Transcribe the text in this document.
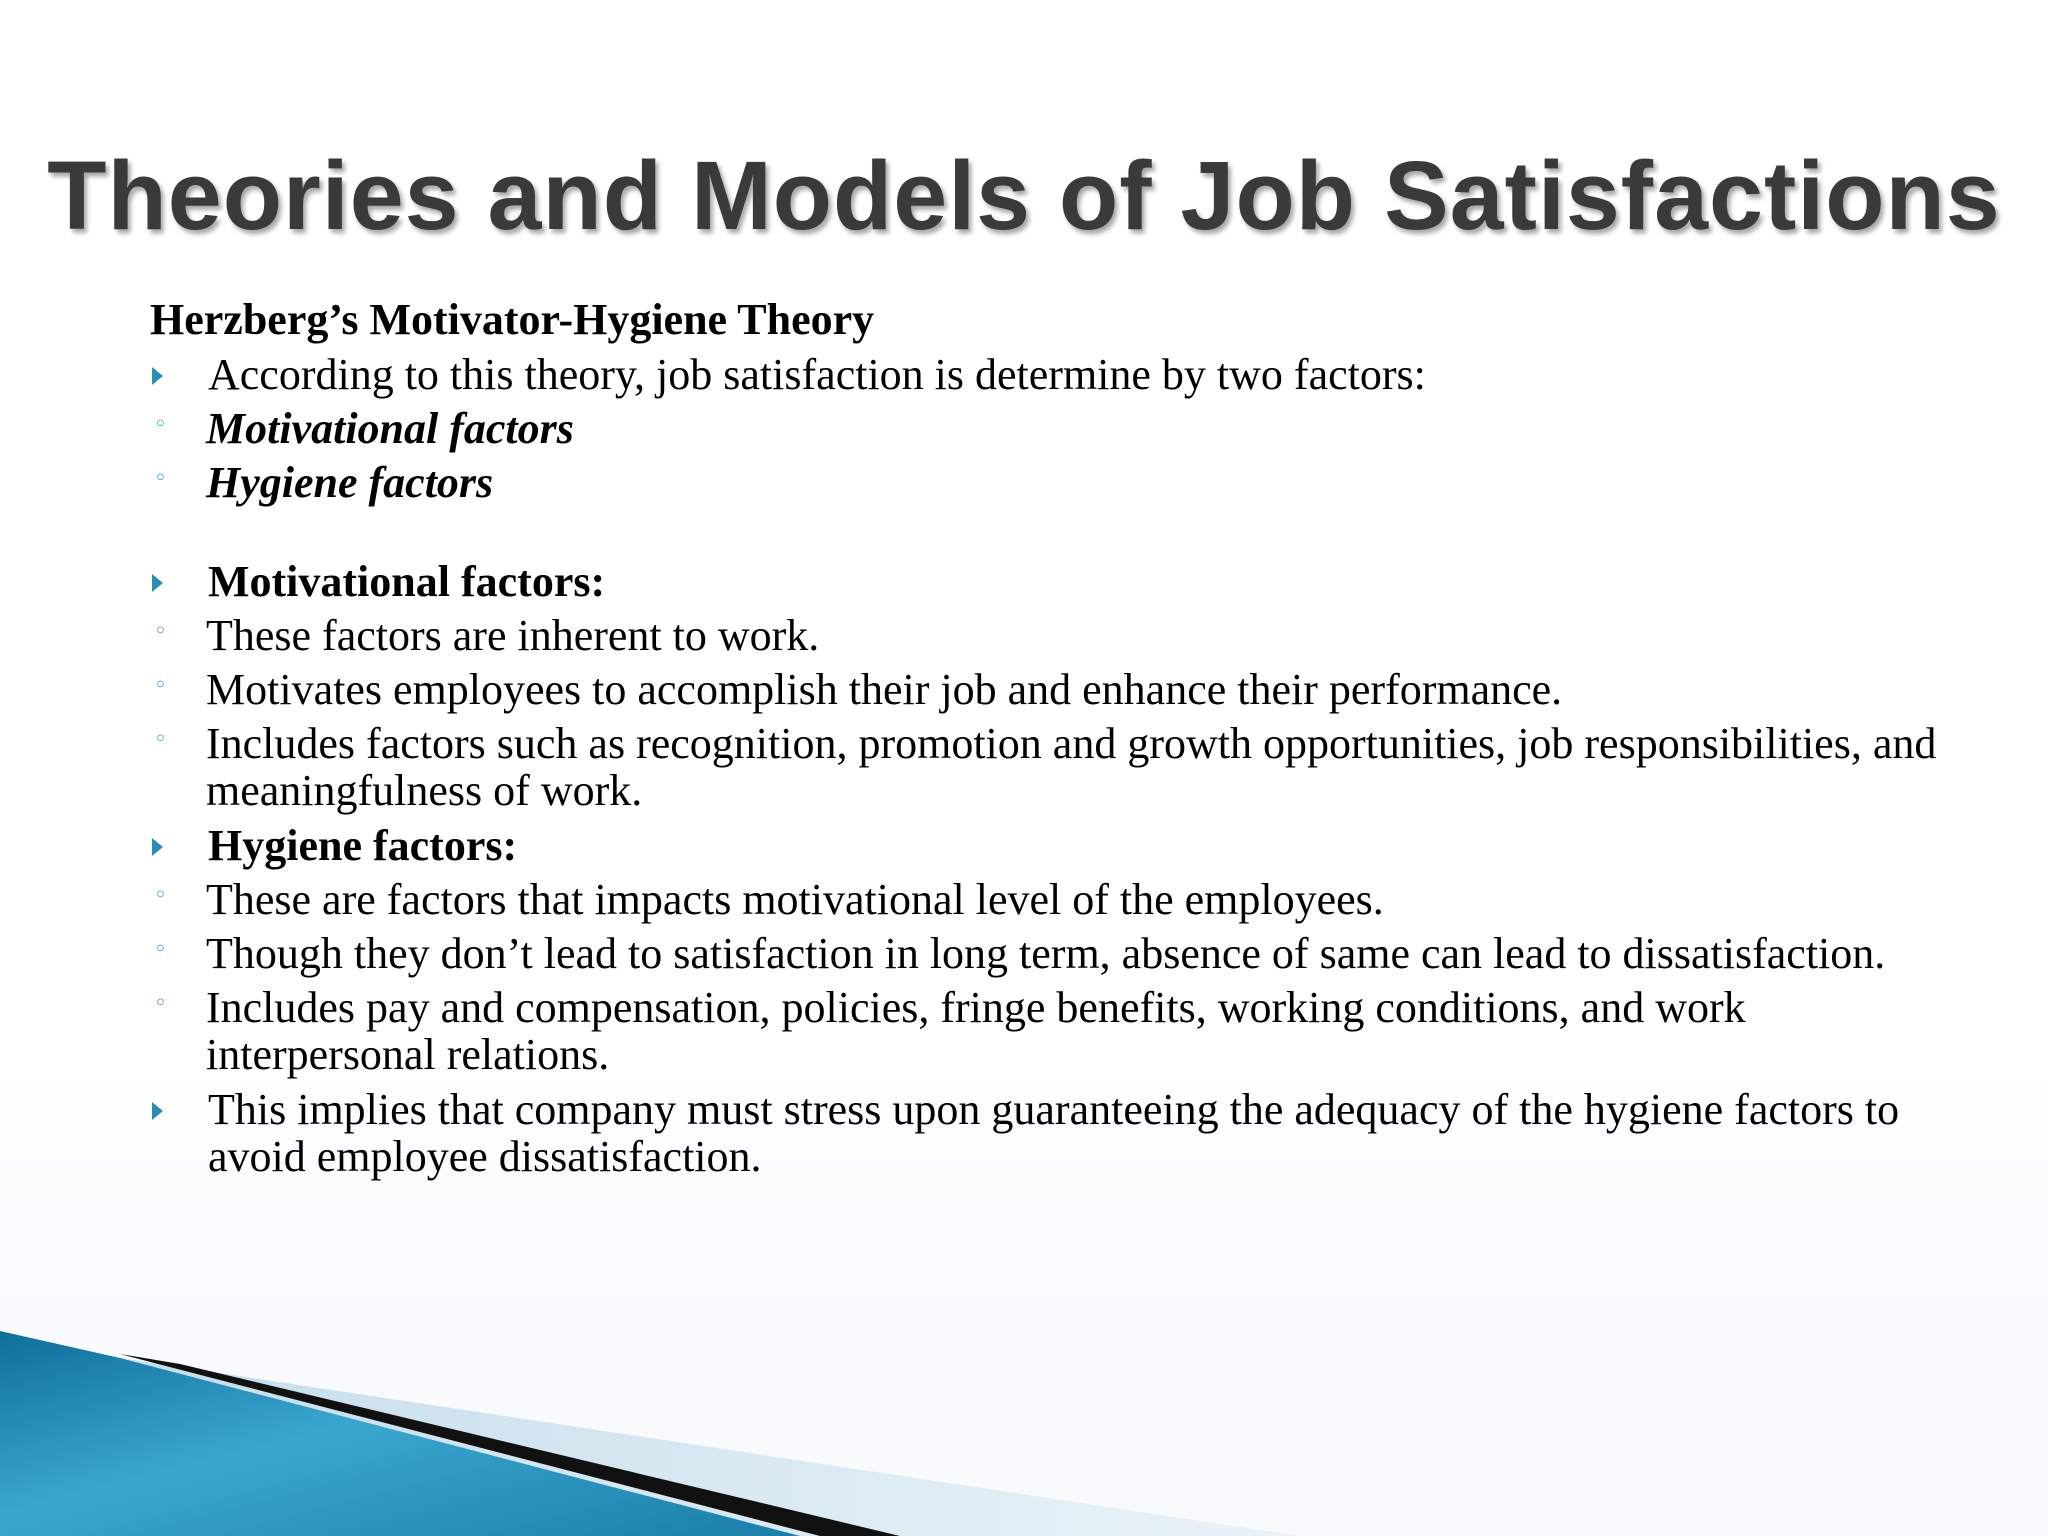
Theories and Models of Job Satisfactions
Herzberg’s Motivator-Hygiene Theory
According to this theory, job satisfaction is determine by two factors:
◦ Motivational factors
◦ Hygiene factors
Motivational factors:
◦ These factors are inherent to work.
◦ Motivates employees to accomplish their job and enhance their performance.
◦ Includes factors such as recognition, promotion and growth opportunities, job responsibilities, and meaningfulness of work.
Hygiene factors:
◦ These are factors that impacts motivational level of the employees.
◦ Though they don’t lead to satisfaction in long term, absence of same can lead to dissatisfaction.
◦ Includes pay and compensation, policies, fringe benefits, working conditions, and work interpersonal relations.
This implies that company must stress upon guaranteeing the adequacy of the hygiene factors to avoid employee dissatisfaction.
